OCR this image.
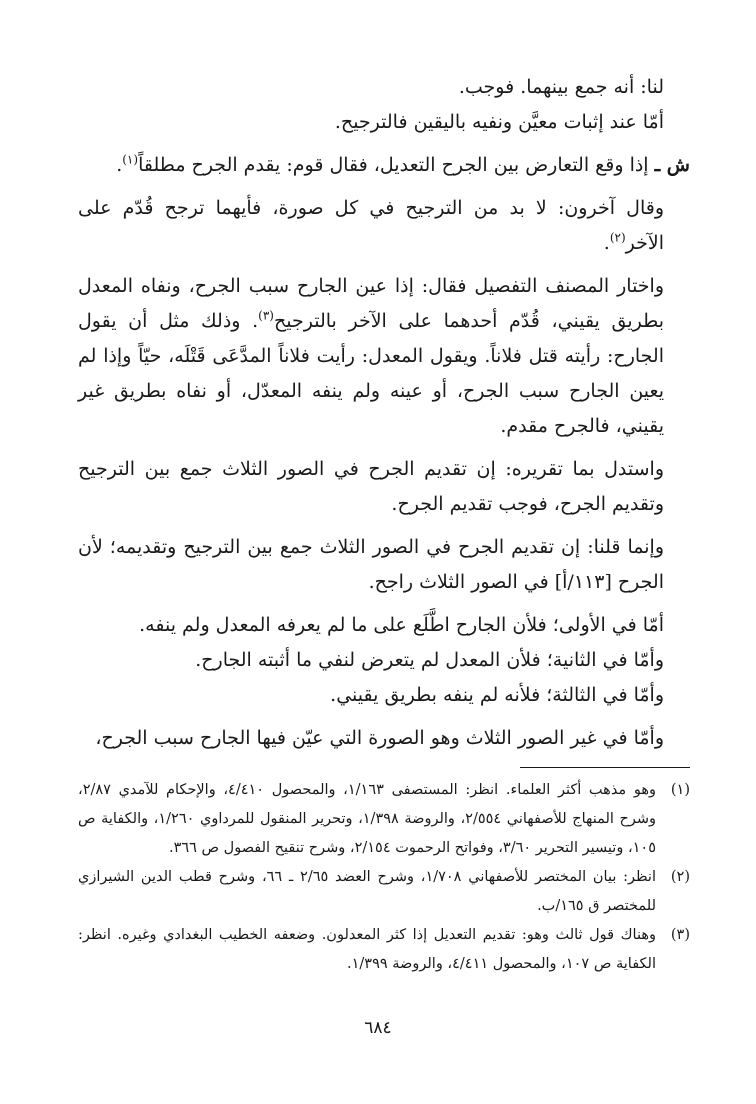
لنا: أنه جمع بينهما. فوجب.

أمّا عند إثبات معيَّن ونفيه باليقين فالترجيح.

ش ـ إذا وقع التعارض بين الجرح التعديل، فقال قوم: يقدم الجرح مطلقاً$^{(١)}$.

وقال آخرون: لا بد من الترجيح في كل صورة، فأيهما ترجح قُدّم على الآخر$^{(٢)}$.

واختار المصنف التفصيل فقال: إذا عين الجارح سبب الجرح، ونفاه المعدل بطريق يقيني، قُدّم أحدهما على الآخر بالترجيح$^{(٣)}$. وذلك مثل أن يقول الجارح: رأيته قتل فلاناً. ويقول المعدل: رأيت فلاناً المدَّعَى قَتْلَه، حيّاً وإذا لم يعين الجارح سبب الجرح، أو عينه ولم ينفه المعدّل، أو نفاه بطريق غير يقيني، فالجرح مقدم.

واستدل بما تقريره: إن تقديم الجرح في الصور الثلاث جمع بين الترجيح وتقديم الجرح، فوجب تقديم الجرح.

وإنما قلنا: إن تقديم الجرح في الصور الثلاث جمع بين الترجيح وتقديمه؛ لأن الجرح [١١٣/أ] في الصور الثلاث راجح.

أمّا في الأولى؛ فلأن الجارح اطَّلَع على ما لم يعرفه المعدل ولم ينفه.

وأمّا في الثانية؛ فلأن المعدل لم يتعرض لنفي ما أثبته الجارح.

وأمّا في الثالثة؛ فلأنه لم ينفه بطريق يقيني.

وأمّا في غير الصور الثلاث وهو الصورة التي عيّن فيها الجارح سبب الجرح،

(١)
وهو مذهب أكثر العلماء. انظر: المستصفى ١/١٦٣، والمحصول ٤/٤١٠، والإحكام للآمدي ٢/٨٧، وشرح المنهاج للأصفهاني ٢/٥٥٤، والروضة ١/٣٩٨، وتحرير المنقول للمرداوي ١/٢٦٠، والكفاية ص ١٠٥، وتيسير التحرير ٣/٦٠، وفواتح الرحموت ٢/١٥٤، وشرح تنقيح الفصول ص ٣٦٦.
(٢)
انظر: بيان المختصر للأصفهاني ١/٧٠٨، وشرح العضد ٢/٦٥ ـ ٦٦، وشرح قطب الدين الشيرازي للمختصر ق ١٦٥/ب.
(٣)
وهناك قول ثالث وهو: تقديم التعديل إذا كثر المعدلون. وضعفه الخطيب البغدادي وغيره. انظر: الكفاية ص ١٠٧، والمحصول ٤/٤١١، والروضة ١/٣٩٩.
٦٨٤
